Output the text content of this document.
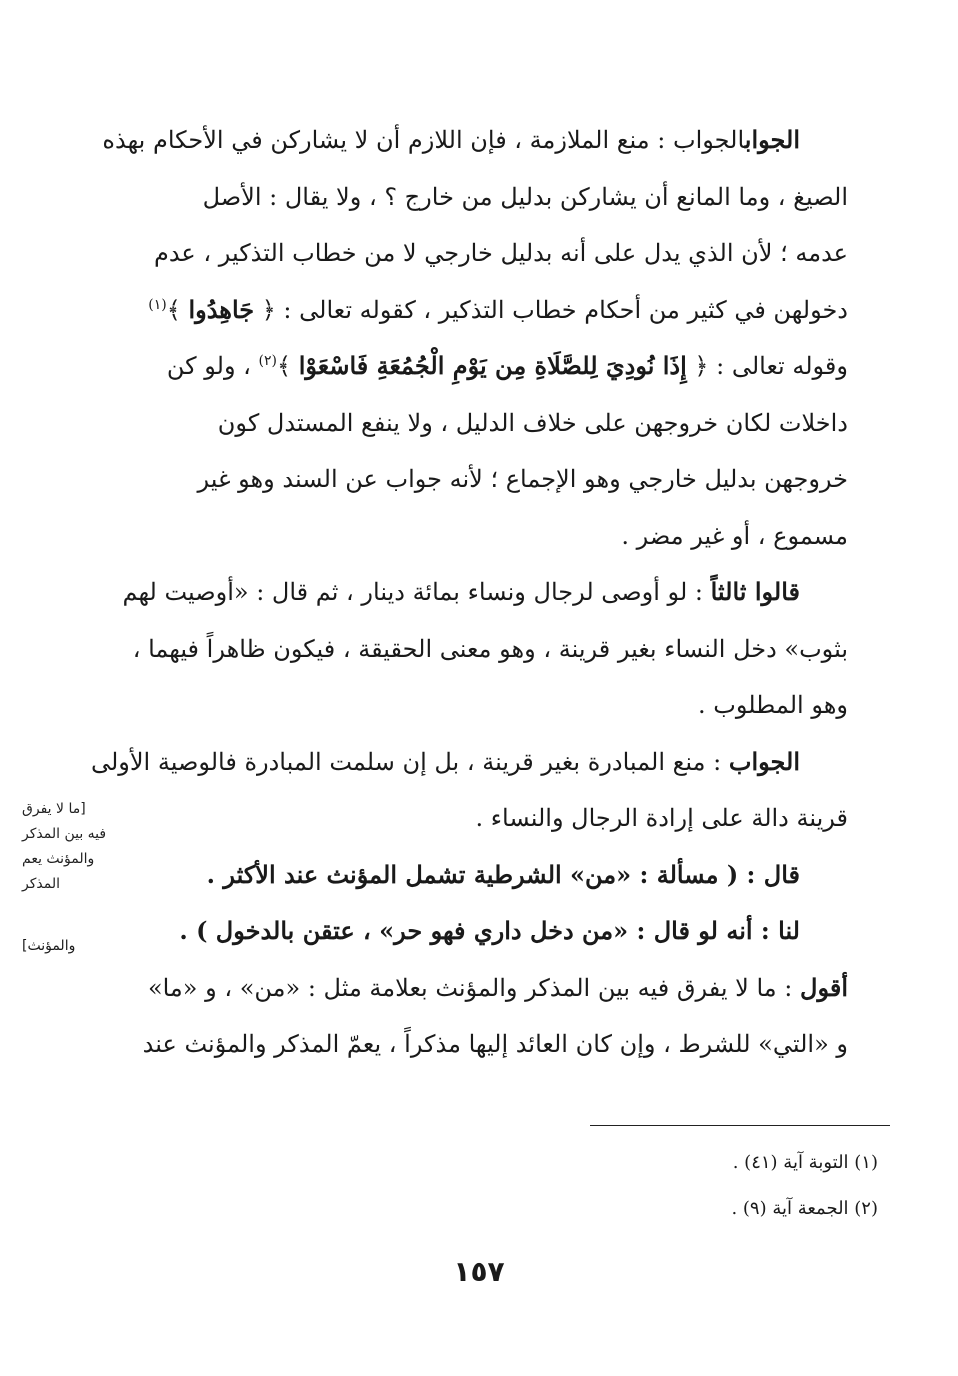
الجوابالجواب : منع الملازمة ، فإن اللازم أن لا يشاركن في الأحكام بهذه

الصيغ ، وما المانع أن يشاركن بدليل من خارج ؟ ، ولا يقال : الأصل

عدمه ؛ لأن الذي يدل على أنه بدليل خارجي لا من خطاب التذكير ، عدم

دخولهن في كثير من أحكام خطاب التذكير ، كقوله تعالى : ﴿ جَاهِدُوا ﴾$^{(١)}$

وقوله تعالى : ﴿ إِذَا نُودِيَ لِلصَّلَاةِ مِن يَوْمِ الْجُمُعَةِ فَاسْعَوْا ﴾$^{(٢)}$ ، ولو كن

داخلات لكان خروجهن على خلاف الدليل ، ولا ينفع المستدل كون

خروجهن بدليل خارجي وهو الإجماع ؛ لأنه جواب عن السند وهو غير

مسموع ، أو غير مضر .

قالوا ثالثاً : لو أوصى لرجال ونساء بمائة دينار ، ثم قال : «أوصيت لهم

بثوب» دخل النساء بغير قرينة ، وهو معنى الحقيقة ، فيكون ظاهراً فيهما ،

وهو المطلوب .

الجواب : منع المبادرة بغير قرينة ، بل إن سلمت المبادرة فالوصية الأولى

قرينة دالة على إرادة الرجال والنساء .

قال : ( مسألة : «من» الشرطية تشمل المؤنث عند الأكثر .

لنا : أنه لو قال : «من دخل داري فهو حر» ، عتقن بالدخول ) .

أقول : ما لا يفرق فيه بين المذكر والمؤنث بعلامة مثل : «من» ، و «ما»

و «التي» للشرط ، وإن كان العائد إليها مذكراً ، يعمّ المذكر والمؤنث عند

[ما لا يفرق
فيه بين المذكر
والمؤنث يعم
المذكر
والمؤنث]
(١) التوبة آية (٤١) .
(٢) الجمعة آية (٩) .
١٥٧
